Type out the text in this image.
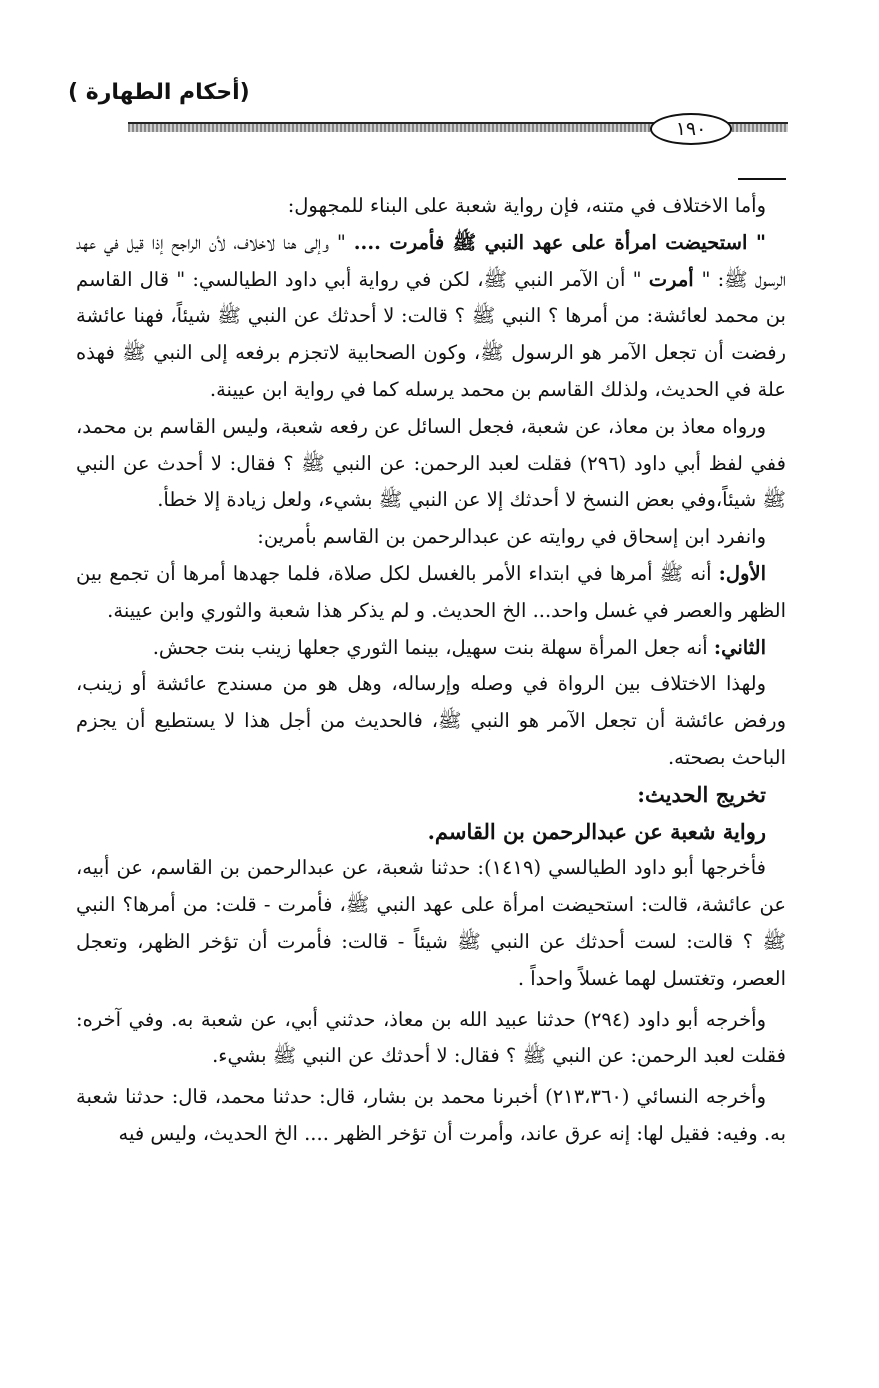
(أحكام الطهارة )
١٩٠

وأما الاختلاف في متنه، فإن رواية شعبة على البناء للمجهول:

" استحيضت امرأة على عهد النبي ﷺ فأمرت .... " وإلى هنا لاخلاف، لأن الراجح إذا قيل في عهد الرسول ﷺ: " أمرت " أن الآمر النبي ﷺ، لكن في رواية أبي داود الطيالسي: " قال القاسم بن محمد لعائشة: من أمرها ؟ النبي ﷺ ؟ قالت: لا أحدثك عن النبي ﷺ شيئاً، فهنا عائشة رفضت أن تجعل الآمر هو الرسول ﷺ، وكون الصحابية لاتجزم برفعه إلى النبي ﷺ فهذه علة في الحديث، ولذلك القاسم بن محمد يرسله كما في رواية ابن عيينة.

ورواه معاذ بن معاذ، عن شعبة، فجعل السائل عن رفعه شعبة، وليس القاسم بن محمد، ففي لفظ أبي داود (٢٩٦) فقلت لعبد الرحمن: عن النبي ﷺ ؟ فقال: لا أحدث عن النبي ﷺ شيئاً،وفي بعض النسخ لا أحدثك إلا عن النبي ﷺ بشيء، ولعل زيادة إلا خطأ.

وانفرد ابن إسحاق في روايته عن عبدالرحمن بن القاسم بأمرين:

الأول: أنه ﷺ أمرها في ابتداء الأمر بالغسل لكل صلاة، فلما جهدها أمرها أن تجمع بين الظهر والعصر في غسل واحد... الخ الحديث. و لم يذكر هذا شعبة والثوري وابن عيينة.

الثاني: أنه جعل المرأة سهلة بنت سهيل، بينما الثوري جعلها زينب بنت جحش.

ولهذا الاختلاف بين الرواة في وصله وإرساله، وهل هو من مسندج عائشة أو زينب، ورفض عائشة أن تجعل الآمر هو النبي ﷺ، فالحديث من أجل هذا لا يستطيع أن يجزم الباحث بصحته.

تخريج الحديث:

رواية شعبة عن عبدالرحمن بن القاسم.

فأخرجها أبو داود الطيالسي (١٤١٩): حدثنا شعبة، عن عبدالرحمن بن القاسم، عن أبيه، عن عائشة، قالت: استحيضت امرأة على عهد النبي ﷺ، فأمرت - قلت: من أمرها؟ النبي ﷺ ؟ قالت: لست أحدثك عن النبي ﷺ شيئاً - قالت: فأمرت أن تؤخر الظهر، وتعجل العصر، وتغتسل لهما غسلاً واحداً .

وأخرجه أبو داود (٢٩٤) حدثنا عبيد الله بن معاذ، حدثني أبي، عن شعبة به. وفي آخره: فقلت لعبد الرحمن: عن النبي ﷺ ؟ فقال: لا أحدثك عن النبي ﷺ بشيء.

وأخرجه النسائي (٢١٣،٣٦٠) أخبرنا محمد بن بشار، قال: حدثنا محمد، قال: حدثنا شعبة به. وفيه: فقيل لها: إنه عرق عاند، وأمرت أن تؤخر الظهر .... الخ الحديث، وليس فيه
